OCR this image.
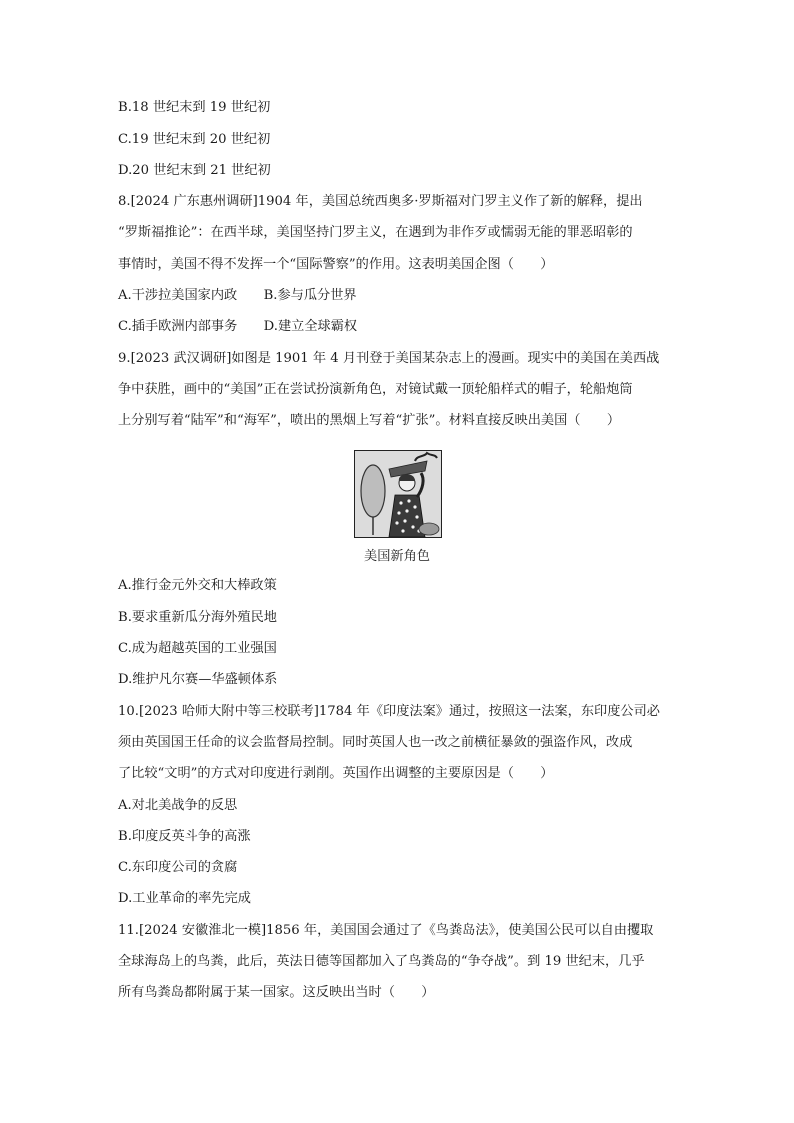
B.18 世纪末到 19 世纪初
C.19 世纪末到 20 世纪初
D.20 世纪末到 21 世纪初
8.[2024 广东惠州调研]1904 年，美国总统西奥多·罗斯福对门罗主义作了新的解释，提出
“罗斯福推论”：在西半球，美国坚持门罗主义，在遇到为非作歹或懦弱无能的罪恶昭彰的
事情时，美国不得不发挥一个“国际警察”的作用。这表明美国企图（　　）
A.干涉拉美国家内政　　B.参与瓜分世界
C.插手欧洲内部事务　　D.建立全球霸权
9.[2023 武汉调研]如图是 1901 年 4 月刊登于美国某杂志上的漫画。现实中的美国在美西战
争中获胜，画中的“美国”正在尝试扮演新角色，对镜试戴一顶轮船样式的帽子，轮船炮筒
上分别写着“陆军”和“海军”，喷出的黑烟上写着“扩张”。材料直接反映出美国（　　）
美国新角色
A.推行金元外交和大棒政策
B.要求重新瓜分海外殖民地
C.成为超越英国的工业强国
D.维护凡尔赛—华盛顿体系
10.[2023 哈师大附中等三校联考]1784 年《印度法案》通过，按照这一法案，东印度公司必
须由英国国王任命的议会监督局控制。同时英国人也一改之前横征暴敛的强盗作风，改成
了比较“文明”的方式对印度进行剥削。英国作出调整的主要原因是（　　）
A.对北美战争的反思
B.印度反英斗争的高涨
C.东印度公司的贪腐
D.工业革命的率先完成
11.[2024 安徽淮北一模]1856 年，美国国会通过了《鸟粪岛法》，使美国公民可以自由攫取
全球海岛上的鸟粪，此后，英法日德等国都加入了鸟粪岛的“争夺战”。到 19 世纪末，几乎
所有鸟粪岛都附属于某一国家。这反映出当时（　　）
